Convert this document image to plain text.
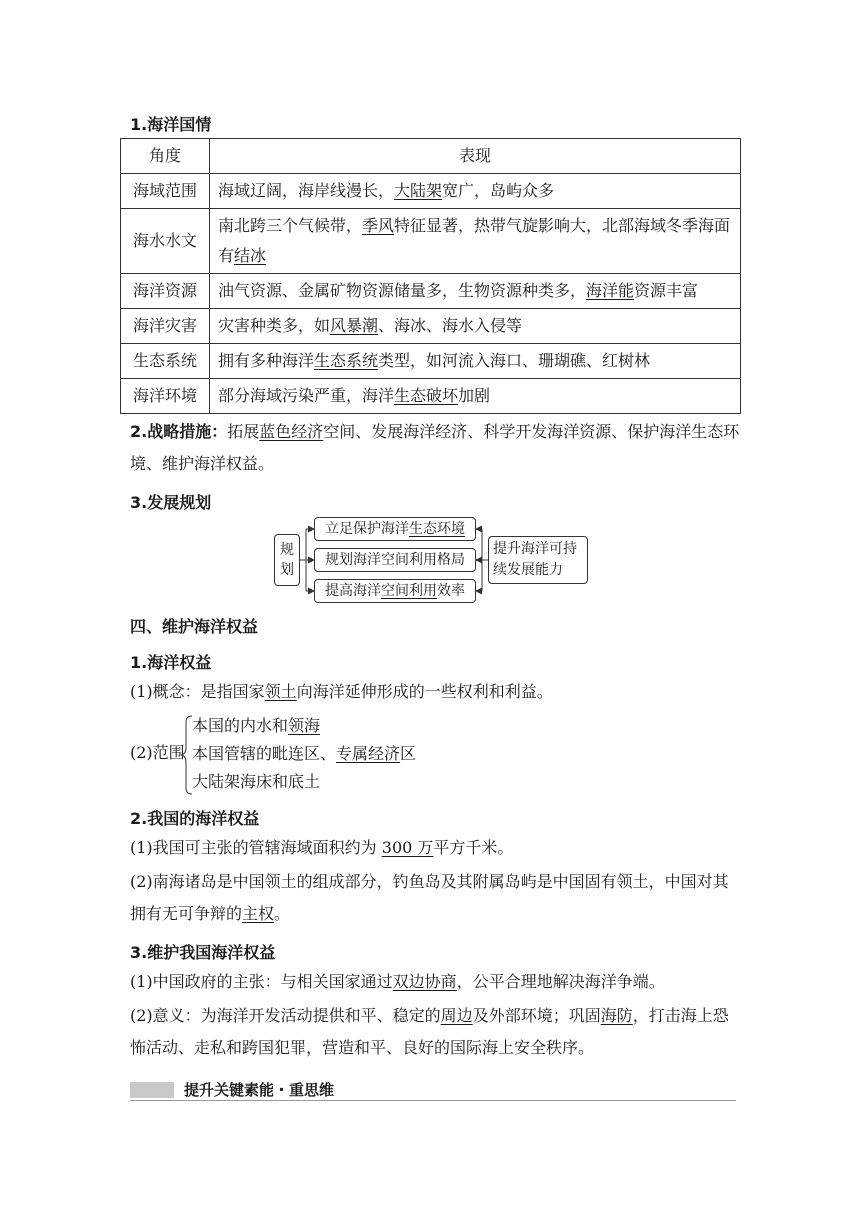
1.海洋国情
角度	表现
海域范围	海域辽阔，海岸线漫长，大陆架宽广，岛屿众多
海水水文	南北跨三个气候带，季风特征显著，热带气旋影响大，北部海域冬季海面有结冰
海洋资源	油气资源、金属矿物资源储量多，生物资源种类多，海洋能资源丰富
海洋灾害	灾害种类多，如风暴潮、海冰、海水入侵等
生态系统	拥有多种海洋生态系统类型，如河流入海口、珊瑚礁、红树林
海洋环境	部分海域污染严重，海洋生态破坏加剧
2.战略措施：拓展蓝色经济空间、发展海洋经济、科学开发海洋资源、保护海洋生态环境、维护海洋权益。
3.发展规划
规划
立足保护海洋生态环境
规划海洋空间利用格局
提高海洋空间利用效率
提升海洋可持续发展能力
四、维护海洋权益
1.海洋权益
(1)概念：是指国家领土向海洋延伸形成的一些权利和利益。
(2)范围
本国的内水和领海
本国管辖的毗连区、专属经济区
大陆架海床和底土
2.我国的海洋权益
(1)我国可主张的管辖海域面积约为 300 万平方千米。
(2)南海诸岛是中国领土的组成部分，钓鱼岛及其附属岛屿是中国固有领土，中国对其拥有无可争辩的主权。
3.维护我国海洋权益
(1)中国政府的主张：与相关国家通过双边协商，公平合理地解决海洋争端。
(2)意义：为海洋开发活动提供和平、稳定的周边及外部环境；巩固海防，打击海上恐怖活动、走私和跨国犯罪，营造和平、良好的国际海上安全秩序。
提升关键素能・重思维
